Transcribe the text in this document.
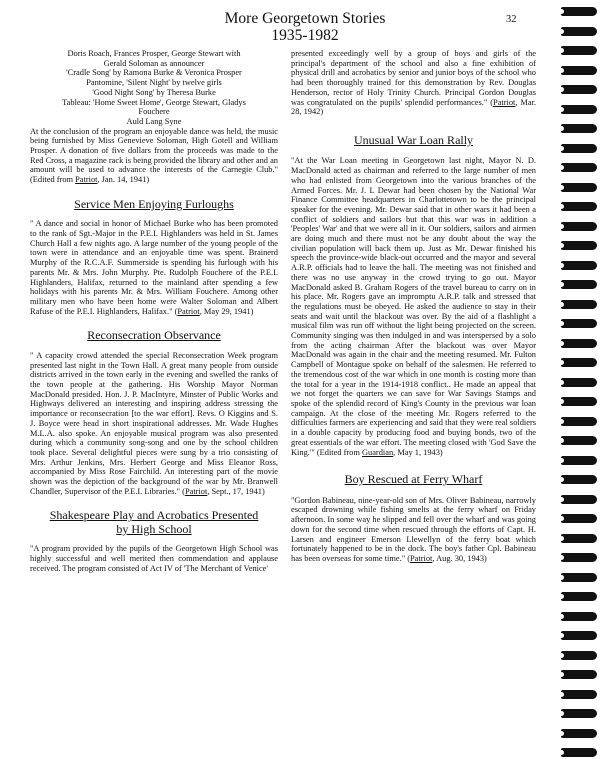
More Georgetown Stories
1935-1982
32
Doris Roach, Frances Prosper, George Stewart with
Gerald Soloman as announcer
'Cradle Song' by Ramona Burke & Veronica Prosper
Pantomine, 'Silent Night' by twelve girls
'Good Night Song' by Theresa Burke
Tableau: 'Home Sweet Home', George Stewart, Gladys
Fouchere
Auld Lang Syne

At the conclusion of the program an enjoyable dance was held, the music being furnished by Miss Genevieve Soloman, High Gotell and William Prosper. A donation of five dollars from the proceeds was made to the Red Cross, a magazine rack is being provided the library and other and an amount will be used to advance the interests of the Carnegie Club." (Edited from Patriot, Jan. 14, 1941)

Service Men Enjoying Furloughs

" A dance and social in honor of Michael Burke who has been promoted to the rank of Sgt.-Major in the P.E.I. Highlanders was held in St. James Church Hall a few nights ago. A large number of the young people of the town were in attendance and an enjoyable time was spent. Brainerd Murphy of the R.C.A.F. Summerside is spending his furlough with his parents Mr. & Mrs. John Murphy. Pte. Rudolph Fouchere of the P.E.I. Highlanders, Halifax, returned to the mainland after spending a few holidays with his parents Mr. & Mrs. William Fouchere. Among other military men who have been home were Walter Soloman and Albert Rafuse of the P.E.I. Highlanders, Halifax." (Patriot, May 29, 1941)

Reconsecration Observance

" A capacity crowd attended the special Reconsecration Week program presented last night in the Town Hall. A great many people from outside districts arrived in the town early in the evening and swelled the ranks of the town people at the gathering. His Worship Mayor Norman MacDonald presided. Hon. J. P. MacIntyre, Minster of Public Works and Highways delivered an interesting and inspiring address stressing the importance or reconsecration [to the war effort]. Revs. O Kiggins and S. J. Boyce were head in short inspirational addresses. Mr. Wade Hughes M.L.A. also spoke. An enjoyable musical program was also presented during which a community song-song and one by the school children took place. Several delightful pieces were sung by a trio consisting of Mrs. Arthur Jenkins, Mrs. Herbert George and Miss Eleanor Ross, accompanied by Miss Rose Fairchild. An interesting part of the movie shown was the depiction of the background of the war by Mr. Branwell Chandler, Supervisor of the P.E.I. Libraries." (Patriot, Sept., 17, 1941)

Shakespeare Play and Acrobatics Presented
by High School

"A program provided by the pupils of the Georgetown High School was highly successful and well merited then commendation and applause received. The program consisted of Act IV of 'The Merchant of Venice'

presented exceedingly well by a group of boys and girls of the principal's department of the school and also a fine exhibition of physical drill and acrobatics by senior and junior boys of the school who had been thoroughly trained for this demonstration by Rev. Douglas Henderson, rector of Holy Trinity Church. Principal Gordon Douglas was congratulated on the pupils' splendid performances." (Patriot, Mar. 28, 1942)

Unusual War Loan Rally

"At the War Loan meeting in Georgetown last night, Mayor N. D. MacDonald acted as chairman and referred to the large number of men who had enlisted from Georgetown into the various branches of the Armed Forces. Mr. J. L Dewar had been chosen by the National War Finance Committee headquarters in Charlottetown to be the principal speaker for the evening. Mr. Dewar said that in other wars it had been a conflict of soldiers and sailors but that this war was in addition a 'Peoples' War' and that we were all in it. Our soldiers, sailors and airmen are doing much and there must not be any doubt about the way the civilian population will back them up. Just as Mr. Dewar finished his speech the province-wide black-out occurred and the mayor and several A.R.P. officials had to leave the hall. The meeting was not finished and there was no use anyway in the crowd trying to go out. Mayor MacDonald asked B. Graham Rogers of the travel bureau to carry on in his place. Mr. Rogers gave an impromptu A.R.P. talk and stressed that the regulations must be obeyed. He asked the audience to stay in their seats and wait until the blackout was over. By the aid of a flashlight a musical film was run off without the light being projected on the screen. Community singing was then indulged in and was interspersed by a solo from the acting chairman After the blackout was over Mayor MacDonald was again in the chair and the meeting resumed. Mr. Fulton Campbell of Montague spoke on behalf of the salesmen. He referred to the tremendous cost of the war which in one month is costing more than the total for a year in the 1914-1918 conflict.. He made an appeal that we not forget the quarters we can save for War Savings Stamps and spoke of the splendid record of King's County in the previous war loan campaign. At the close of the meeting Mr. Rogers referred to the difficulties farmers are experiencing and said that they were real soldiers in a double capacity by producing food and buying bonds, two of the great essentials of the war effort. The meeting closed with 'God Save the King.'" (Edited from Guardian, May 1, 1943)

Boy Rescued at Ferry Wharf

"Gordon Babineau, nine-year-old son of Mrs. Oliver Babineau, narrowly escaped drowning while fishing smelts at the ferry wharf on Friday afternoon. In some way he slipped and fell over the wharf and was going down for the second time when rescued through the efforts of Capt. H. Larsen and engineer Emerson Llewellyn of the ferry boat which fortunately happened to be in the dock. The boy's father Cpl. Babineau has been overseas for some time." (Patriot, Aug. 30, 1943)
